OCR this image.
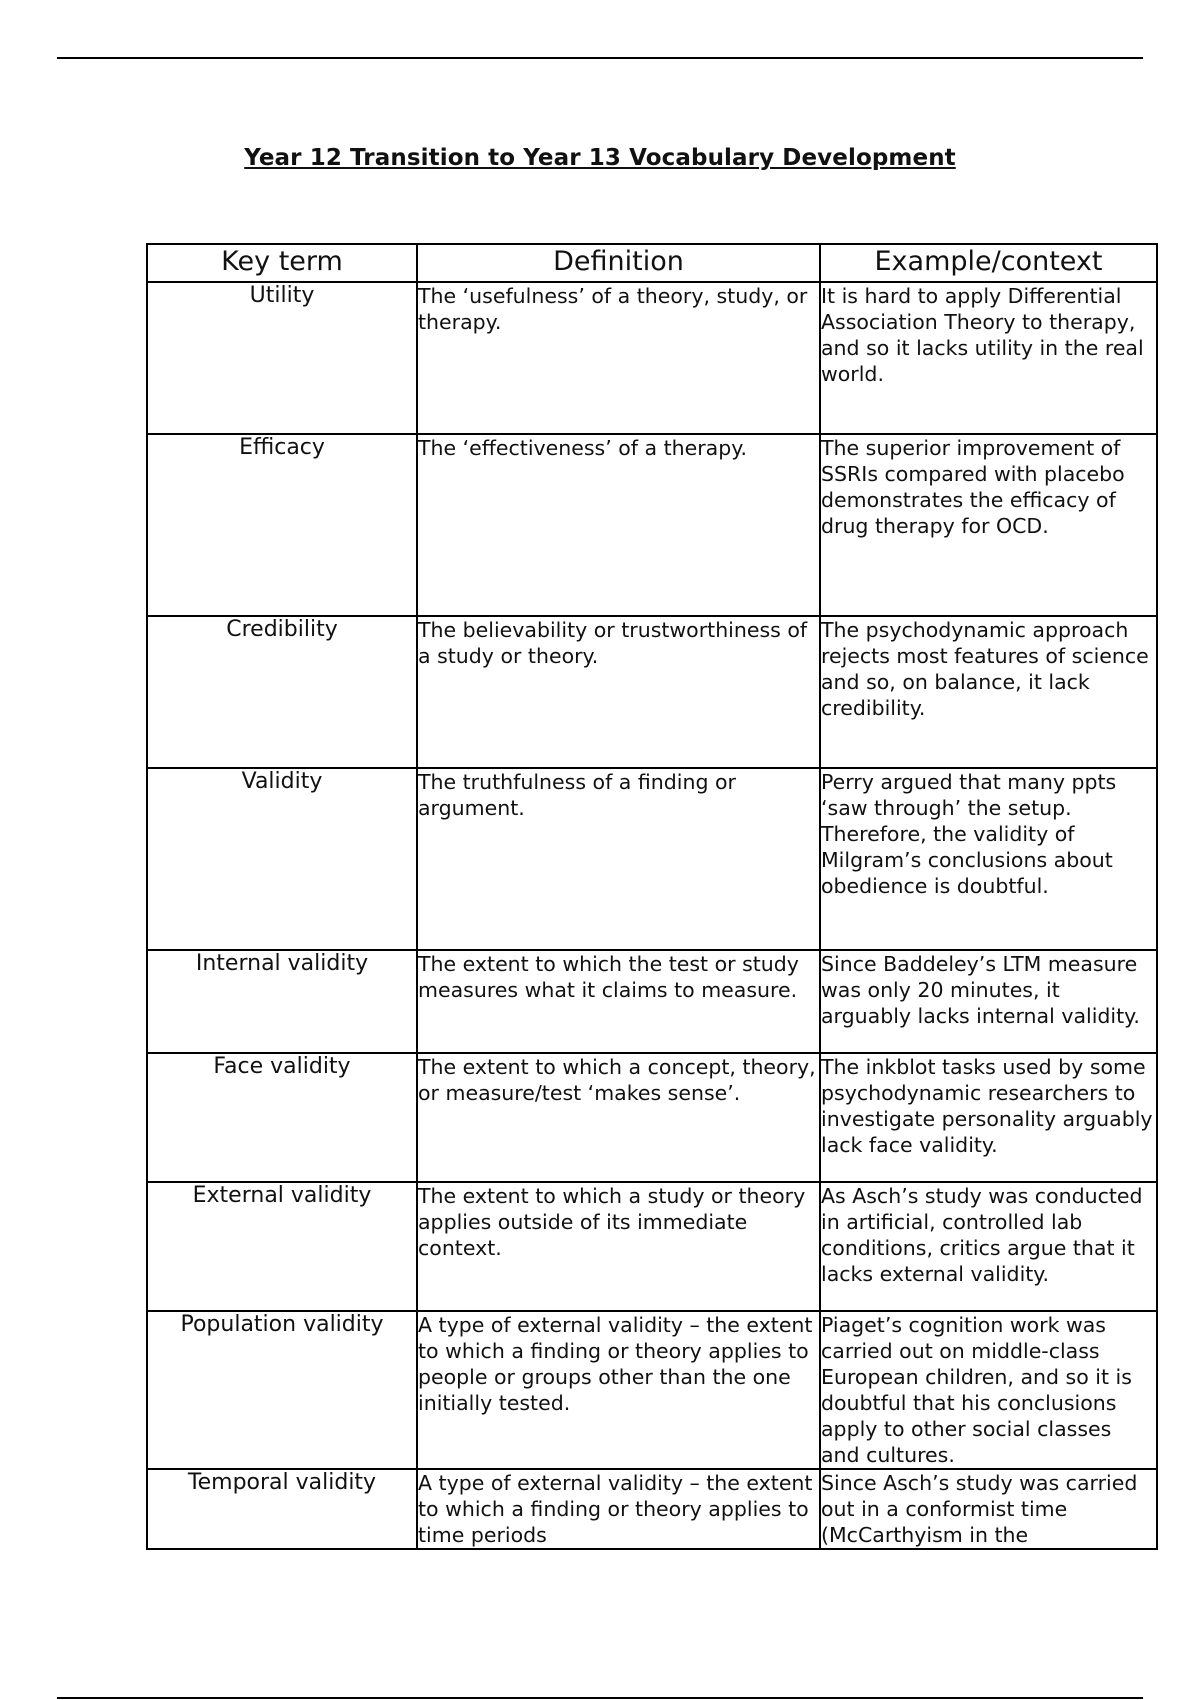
Year 12 Transition to Year 13 Vocabulary Development
Key term	Definition	Example/context
Utility	The ‘usefulness’ of a theory, study, or therapy.	It is hard to apply Differential Association Theory to therapy, and so it lacks utility in the real world.
Efficacy	The ‘effectiveness’ of a therapy.	The superior improvement of SSRIs compared with placebo demonstrates the efficacy of drug therapy for OCD.
Credibility	The believability or trustworthiness of a study or theory.	The psychodynamic approach rejects most features of science and so, on balance, it lack credibility.
Validity	The truthfulness of a finding or argument.	Perry argued that many ppts ‘saw through’ the setup. Therefore, the validity of Milgram’s conclusions about obedience is doubtful.
Internal validity	The extent to which the test or study measures what it claims to measure.	Since Baddeley’s LTM measure was only 20 minutes, it arguably lacks internal validity.
Face validity	The extent to which a concept, theory, or measure/test ‘makes sense’.	The inkblot tasks used by some psychodynamic researchers to investigate personality arguably lack face validity.
External validity	The extent to which a study or theory applies outside of its immediate context.	As Asch’s study was conducted in artificial, controlled lab conditions, critics argue that it lacks external validity.
Population validity	A type of external validity – the extent to which a finding or theory applies to people or groups other than the one initially tested.	Piaget’s cognition work was carried out on middle-class European children, and so it is doubtful that his conclusions apply to other social classes and cultures.
Temporal validity	A type of external validity – the extent to which a finding or theory applies to time periods	Since Asch’s study was carried out in a conformist time (McCarthyism in the
